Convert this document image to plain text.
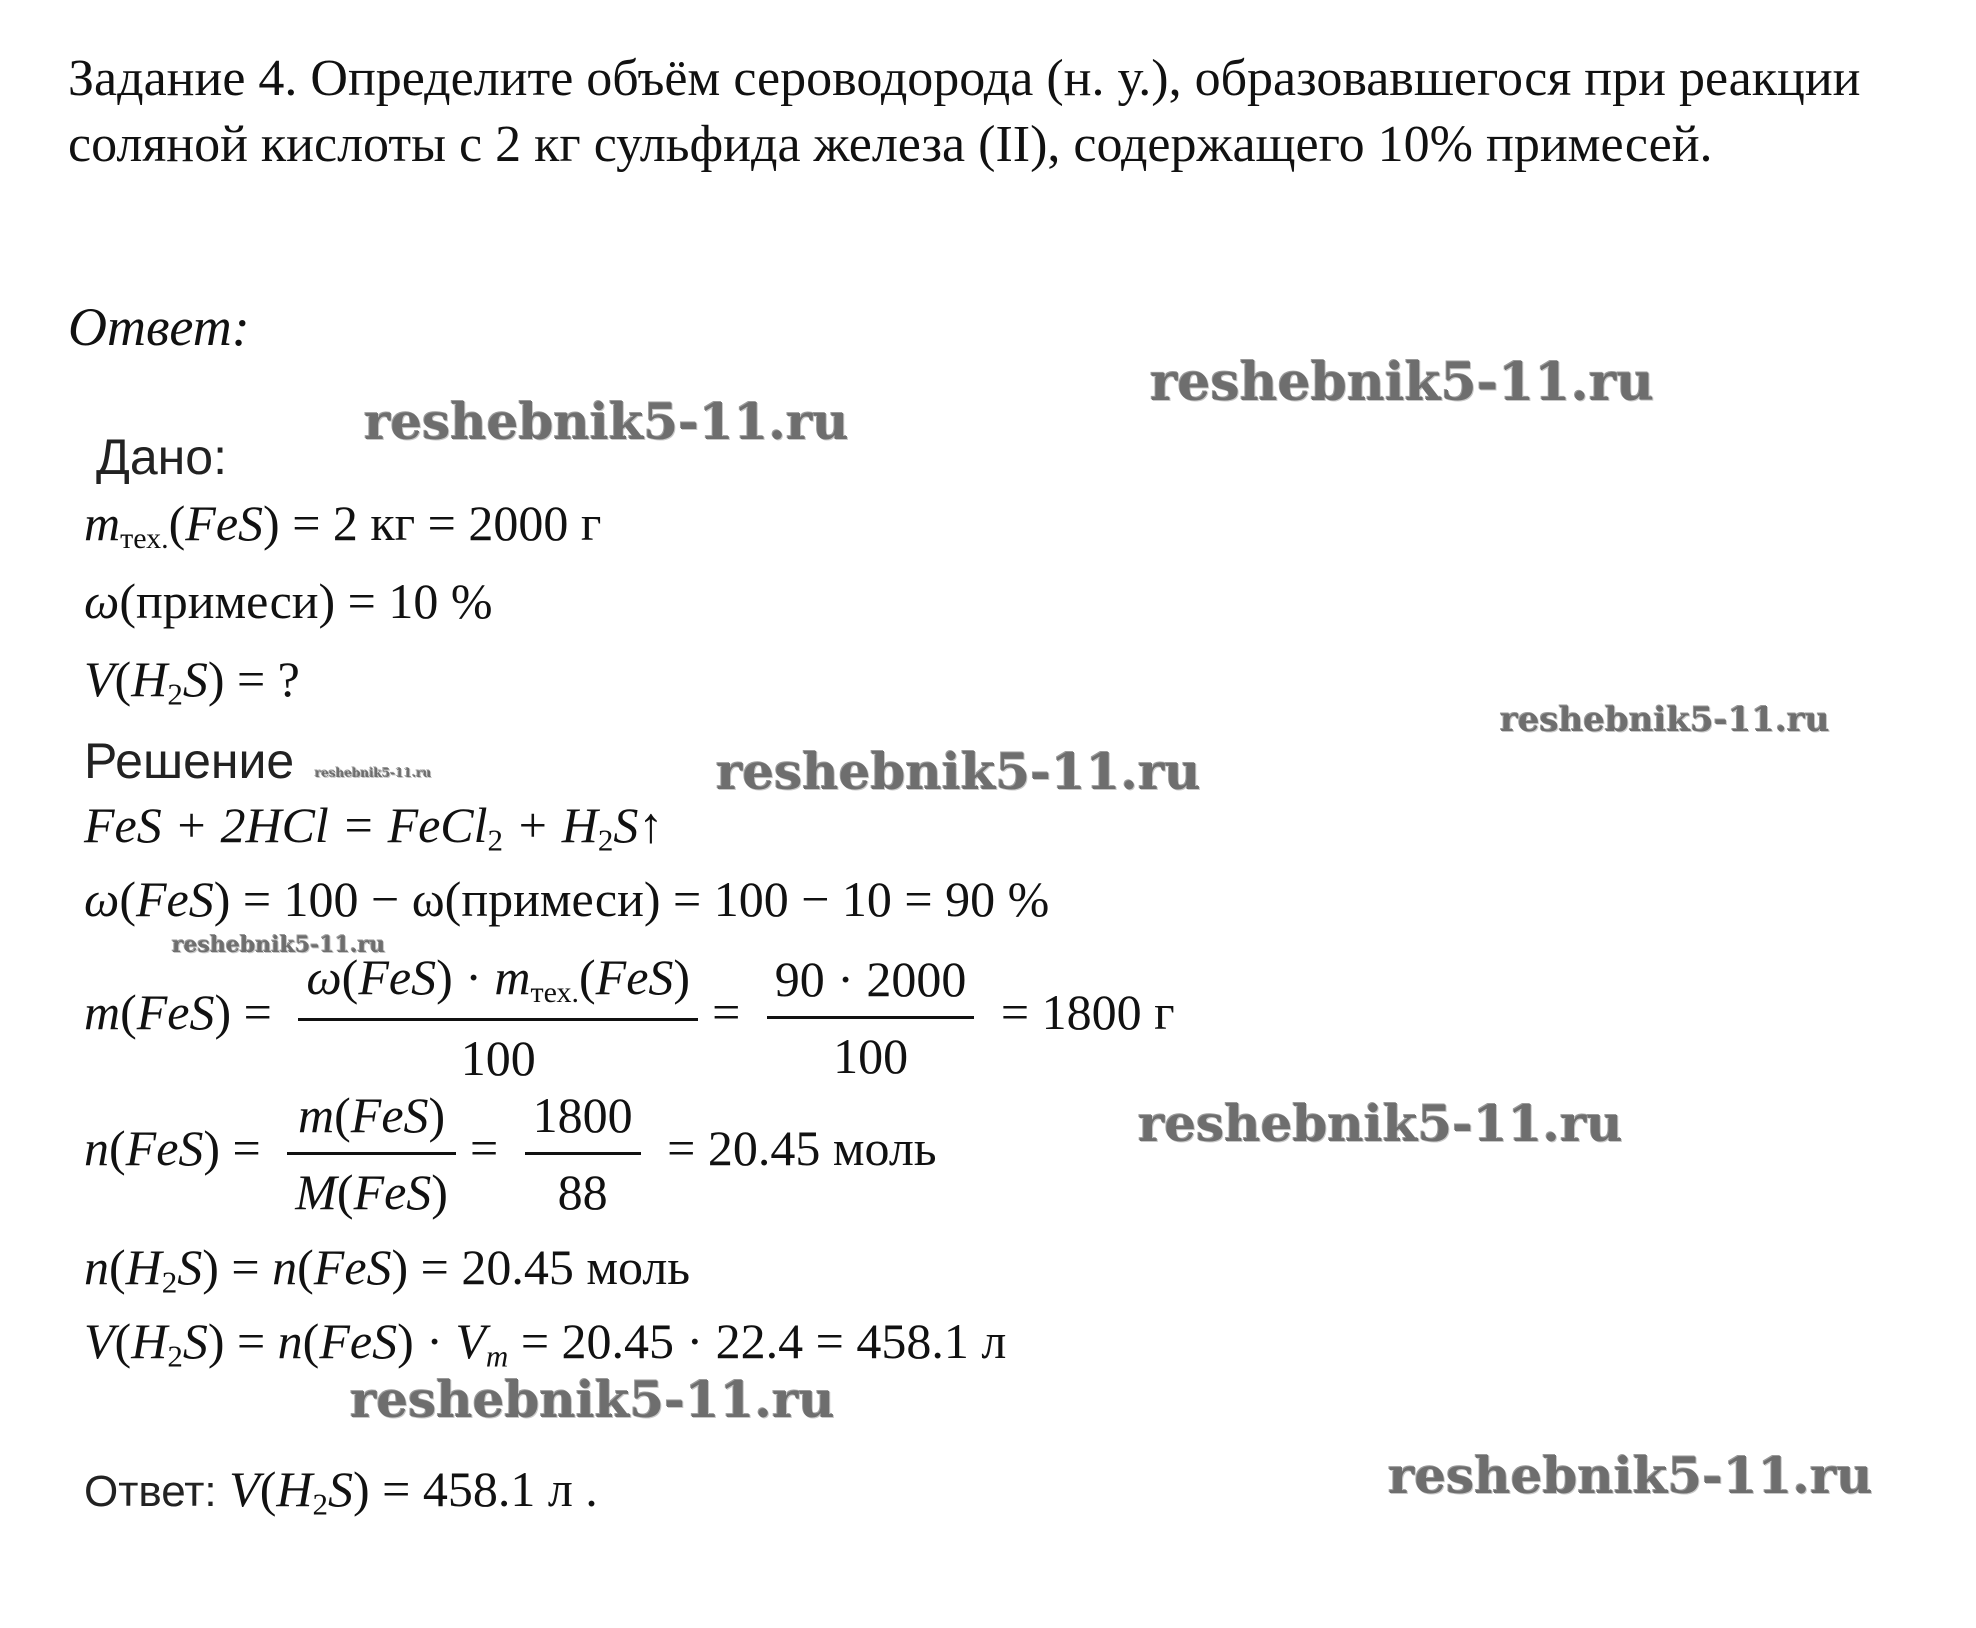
Задание 4. Определите объём сероводорода (н. у.), образовавшегося при реакции соляной кислоты с 2 кг сульфида железа (II), содержащего 10% примесей.
Ответ:
Дано:
mтех.(FeS) = 2 кг = 2000 г
ω(примеси) = 10 %
$V(H_2S)$ = ?
Решение
FeS + 2HCl = FeCl$_2$ + $H_2S↑$
ω(FeS) = 100 − ω(примеси) = 100 − 10 = 90 %
$m(FeS) = \frac{\text{ω(FeS) · mтех.(FeS)}}{100} = \frac{90 \cdot 2000}{100} = 1800$ г
$n(FeS) = \frac{\text{m(FeS)}}{\text{M(FeS)}} = \frac{1800}{88} = 20.45$ моль
$n(H_2S) = n(FeS) = 20.45$ моль
$V(H_2S) = n(FeS) \cdot V_m = 20.45 \cdot 22.4 = 458.1$ л
Ответ: $V(H_2S) = 458.1$ л .
reshebnik5-11.ru
reshebnik5-11.ru
reshebnik5-11.ru
reshebnik5-11.ru	reshebnik5-11.ru
reshebnik5-11.ru
reshebnik5-11.ru
reshebnik5-11.ru
reshebnik5-11.ru
